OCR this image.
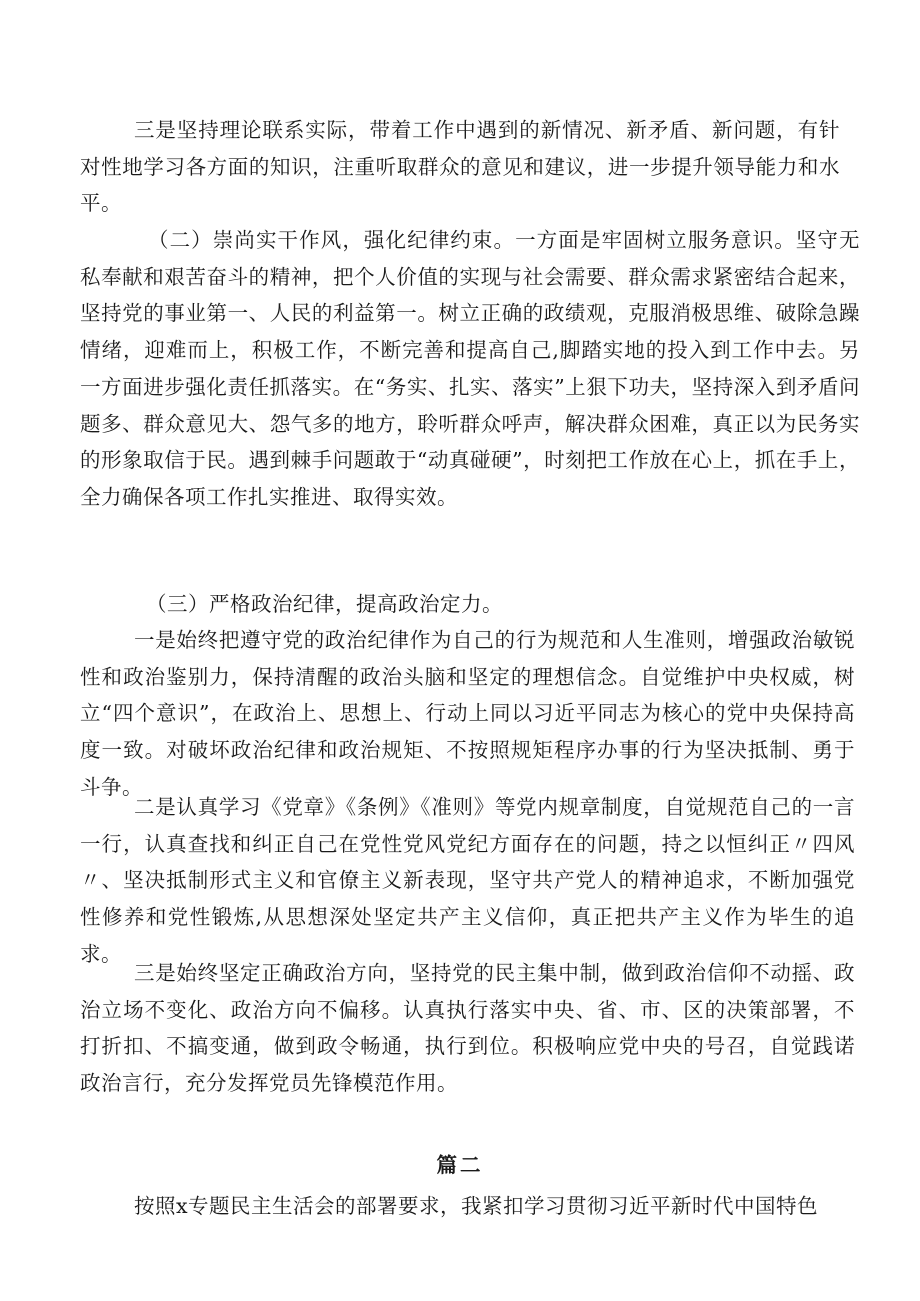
三是坚持理论联系实际，带着工作中遇到的新情况、新矛盾、新问题，有针对性地学习各方面的知识，注重听取群众的意见和建议，进一步提升领导能力和水平。

（二）崇尚实干作风，强化纪律约束。一方面是牢固树立服务意识。坚守无私奉献和艰苦奋斗的精神，把个人价值的实现与社会需要、群众需求紧密结合起来，坚持党的事业第一、人民的利益第一。树立正确的政绩观，克服消极思维、破除急躁情绪，迎难而上，积极工作，不断完善和提高自己,脚踏实地的投入到工作中去。另一方面进步强化责任抓落实。在“务实、扎实、落实”上狠下功夫，坚持深入到矛盾问题多、群众意见大、怨气多的地方，聆听群众呼声，解决群众困难，真正以为民务实的形象取信于民。遇到棘手问题敢于“动真碰硬”，时刻把工作放在心上，抓在手上，全力确保各项工作扎实推进、取得实效。

（三）严格政治纪律，提高政治定力。

一是始终把遵守党的政治纪律作为自己的行为规范和人生准则，增强政治敏锐性和政治鉴别力，保持清醒的政治头脑和坚定的理想信念。自觉维护中央权威，树立“四个意识”，在政治上、思想上、行动上同以习近平同志为核心的党中央保持高度一致。对破坏政治纪律和政治规矩、不按照规矩程序办事的行为坚决抵制、勇于斗争。

二是认真学习《党章》《条例》《准则》等党内规章制度，自觉规范自己的一言一行，认真查找和纠正自己在党性党风党纪方面存在的问题，持之以恒纠正〃四风〃、坚决抵制形式主义和官僚主义新表现，坚守共产党人的精神追求，不断加强党性修养和党性锻炼,从思想深处坚定共产主义信仰，真正把共产主义作为毕生的追求。

三是始终坚定正确政治方向，坚持党的民主集中制，做到政治信仰不动摇、政治立场不变化、政治方向不偏移。认真执行落实中央、省、市、区的决策部署，不打折扣、不搞变通，做到政令畅通，执行到位。积极响应党中央的号召，自觉践诺政治言行，充分发挥党员先锋模范作用。

篇二

按照x专题民主生活会的部署要求，我紧扣学习贯彻习近平新时代中国特色
